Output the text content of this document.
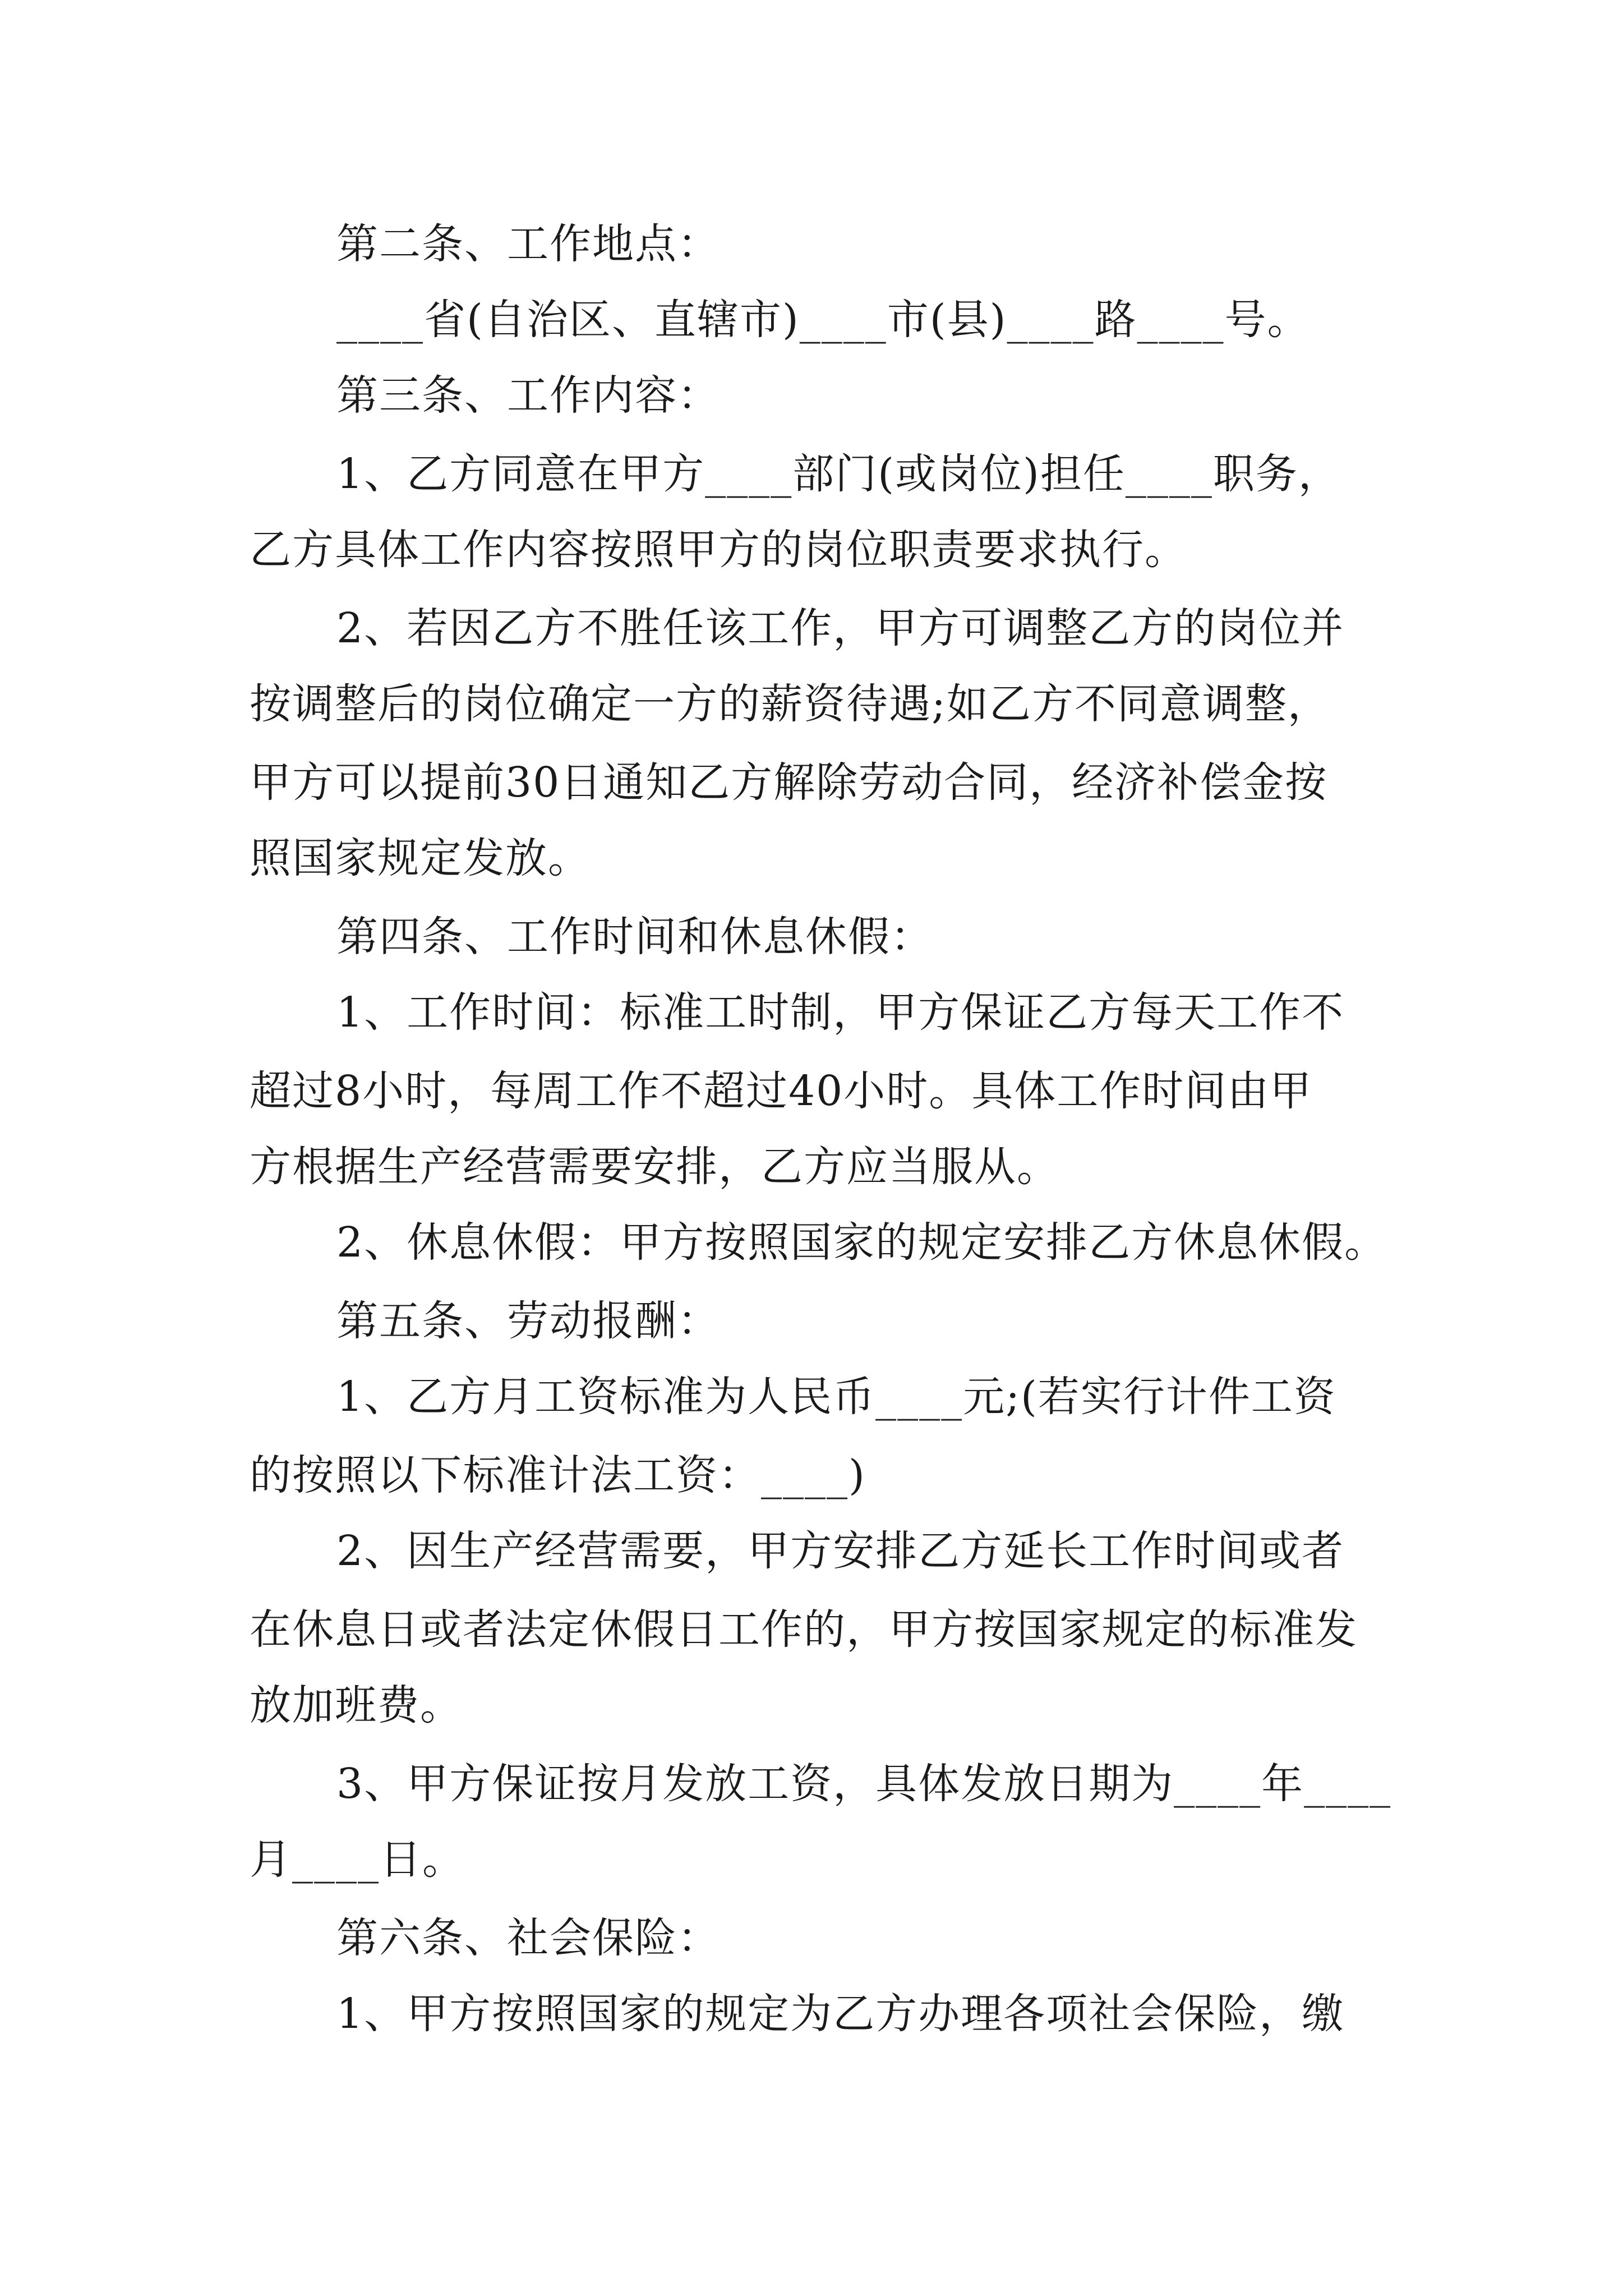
第二条、工作地点：
____省(自治区、直辖市)____市(县)____路____号。
第三条、工作内容：
1、乙方同意在甲方____部门(或岗位)担任____职务，
乙方具体工作内容按照甲方的岗位职责要求执行。
2、若因乙方不胜任该工作，甲方可调整乙方的岗位并
按调整后的岗位确定一方的薪资待遇;如乙方不同意调整，
甲方可以提前30日通知乙方解除劳动合同，经济补偿金按
照国家规定发放。
第四条、工作时间和休息休假：
1、工作时间：标准工时制，甲方保证乙方每天工作不
超过8小时，每周工作不超过40小时。具体工作时间由甲
方根据生产经营需要安排，乙方应当服从。
2、休息休假：甲方按照国家的规定安排乙方休息休假。
第五条、劳动报酬：
1、乙方月工资标准为人民币____元;(若实行计件工资
的按照以下标准计法工资：____)
2、因生产经营需要，甲方安排乙方延长工作时间或者
在休息日或者法定休假日工作的，甲方按国家规定的标准发
放加班费。
3、甲方保证按月发放工资，具体发放日期为____年____
月____日。
第六条、社会保险：
1、甲方按照国家的规定为乙方办理各项社会保险，缴
